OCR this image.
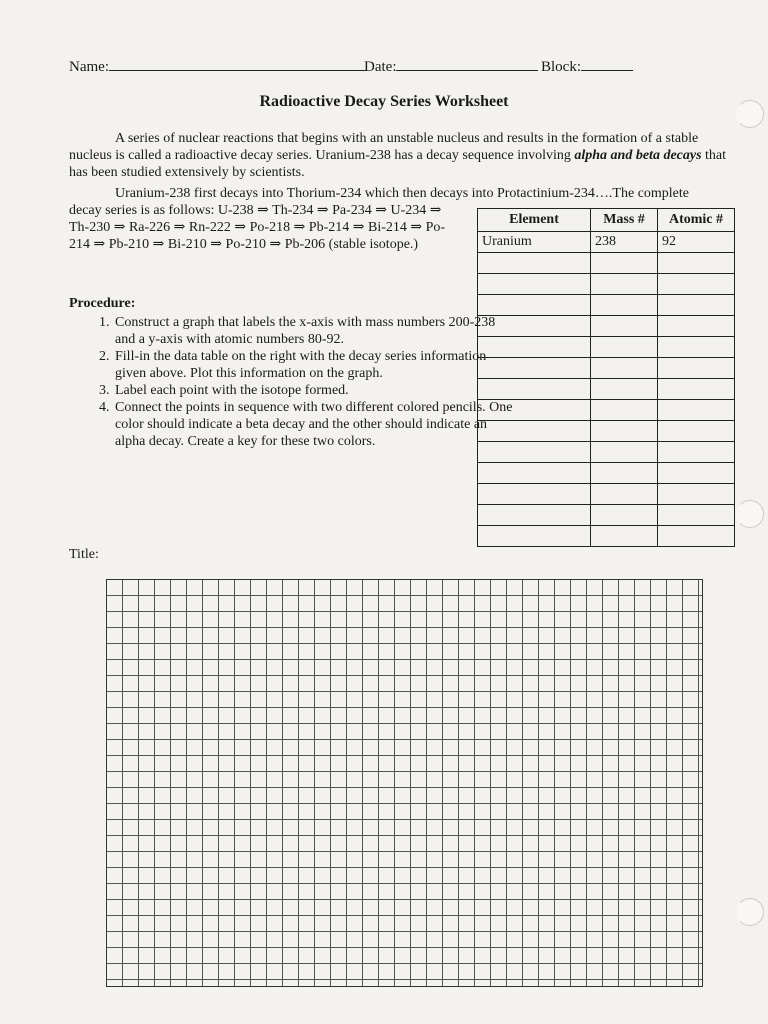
Name:	Date:	Block:
Radioactive Decay Series Worksheet
A series of nuclear reactions that begins with an unstable nucleus and results in the formation of a stable nucleus is called a radioactive decay series. Uranium-238 has a decay sequence involving alpha and beta decays that has been studied extensively by scientists.
Uranium-238 first decays into Thorium-234 which then decays into Protactinium-234….The complete
decay series is as follows: U-238 ⇒ Th-234 ⇒ Pa-234 ⇒ U-234 ⇒ Th-230 ⇒ Ra-226 ⇒ Rn-222 ⇒ Po-218 ⇒ Pb-214 ⇒ Bi-214 ⇒ Po-214 ⇒ Pb-210 ⇒ Bi-210 ⇒ Po-210 ⇒ Pb-206 (stable isotope.)
Procedure:
1. Construct a graph that labels the x-axis with mass numbers 200-238 and a y-axis with atomic numbers 80-92.
2. Fill-in the data table on the right with the decay series information given above. Plot this information on the graph.
3. Label each point with the isotope formed.
4. Connect the points in sequence with two different colored pencils. One color should indicate a beta decay and the other should indicate an alpha decay. Create a key for these two colors.
Element	Mass #	Atomic #
Uranium	238	92

Title:
